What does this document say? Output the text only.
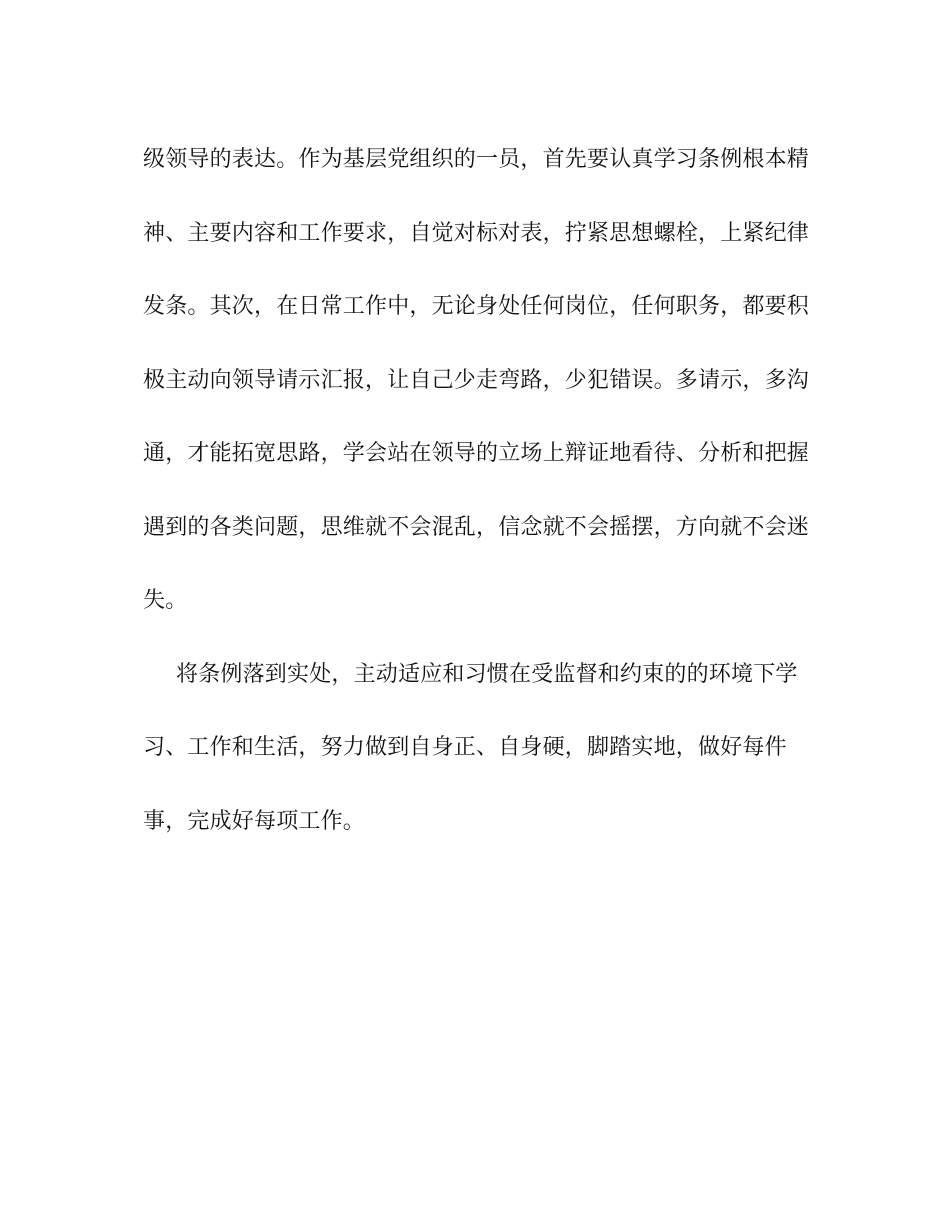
级领导的表达。作为基层党组织的一员，首先要认真学习条例根本精
神、主要内容和工作要求，自觉对标对表，拧紧思想螺栓，上紧纪律
发条。其次，在日常工作中，无论身处任何岗位，任何职务，都要积
极主动向领导请示汇报，让自己少走弯路，少犯错误。多请示，多沟
通，才能拓宽思路，学会站在领导的立场上辩证地看待、分析和把握
遇到的各类问题，思维就不会混乱，信念就不会摇摆，方向就不会迷
失。
将条例落到实处，主动适应和习惯在受监督和约束的的环境下学
习、工作和生活，努力做到自身正、自身硬，脚踏实地，做好每件
事，完成好每项工作。
